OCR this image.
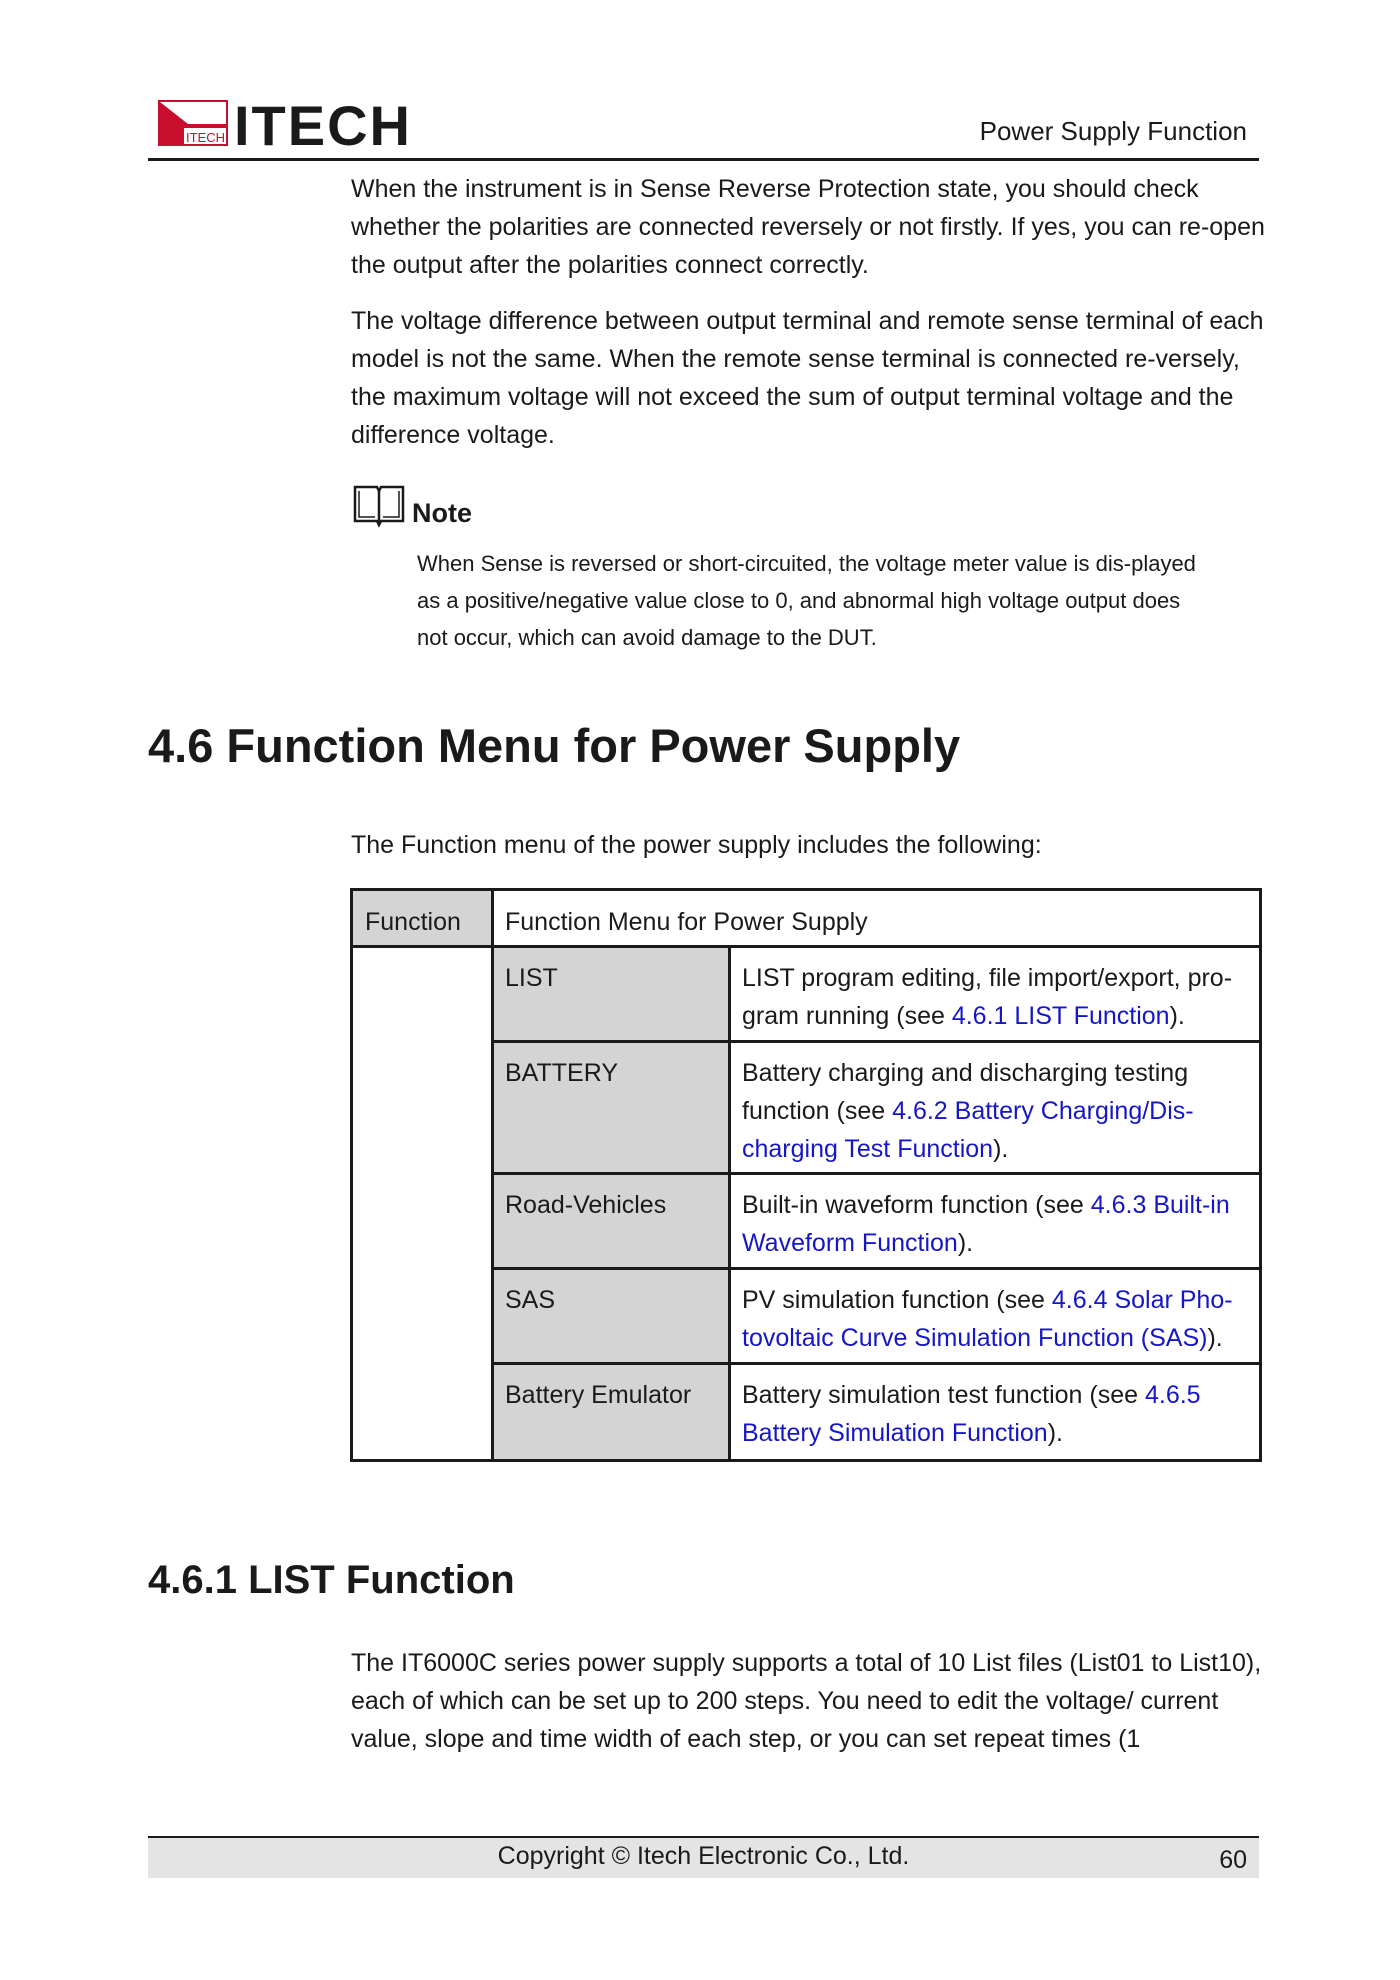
ITECH ITECH	Power Supply Function

When the instrument is in Sense Reverse Protection state, you should check whether the polarities are connected reversely or not firstly. If yes, you can re-open the output after the polarities connect correctly.

The voltage difference between output terminal and remote sense terminal of each model is not the same. When the remote sense terminal is connected re-versely, the maximum voltage will not exceed the sum of output terminal voltage and the difference voltage.

Note

When Sense is reversed or short-circuited, the voltage meter value is dis-played as a positive/negative value close to 0, and abnormal high voltage output does not occur, which can avoid damage to the DUT.

4.6 Function Menu for Power Supply
The Function menu of the power supply includes the following:
Function	Function Menu for Power Supply
LIST	LIST program editing, file import/export, pro-gram running (see 4.6.1 LIST Function).
BATTERY	Battery charging and discharging testing function (see 4.6.2 Battery Charging/Dis-charging Test Function).
Road-Vehicles	Built-in waveform function (see 4.6.3 Built-in Waveform Function).
SAS	PV simulation function (see 4.6.4 Solar Pho-tovoltaic Curve Simulation Function (SAS)).
Battery Emulator	Battery simulation test function (see 4.6.5 Battery Simulation Function).
4.6.1 LIST Function

The IT6000C series power supply supports a total of 10 List files (List01 to List10), each of which can be set up to 200 steps. You need to edit the voltage/ current value, slope and time width of each step, or you can set repeat times (1

Copyright © Itech Electronic Co., Ltd.	60
